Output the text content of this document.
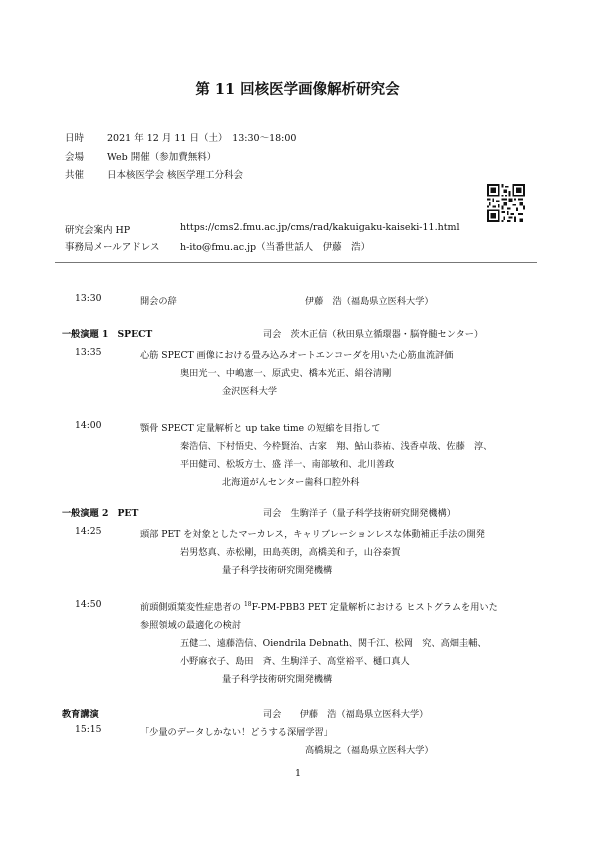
第 11 回核医学画像解析研究会
日時 2021 年 12 月 11 日（土）　13:30〜18:00
会場 Web 開催（参加費無料）
共催 日本核医学会 核医学理工分科会
研究会案内 HP	https://cms2.fmu.ac.jp/cms/rad/kakuigaku-kaiseki-11.html
事務局メールアドレス h-ito@fmu.ac.jp（当番世話人　伊藤　浩）
13:30	開会の辞	伊藤　浩（福島県立医科大学）
一般演題 1　SPECT	司会　茨木正信（秋田県立循環器・脳脊髄センター）
13:35	心筋 SPECT 画像における畳み込みオートエンコーダを用いた心筋血流評価
奥田光一、中嶋憲一、原武史、橋本光正、絹谷清剛
金沢医科大学
14:00	顎骨 SPECT 定量解析と up take time の短縮を目指して
秦浩信、下村悟史、今枠賢治、古家　翔、鮎山恭祐、浅香卓哉、佐藤　淳、
平田健司、松坂方士、盛 洋一、南部敏和、北川善政
北海道がんセンター歯科口腔外科
一般演題 2　PET	司会　生駒洋子（量子科学技術研究開発機構）
14:25	頭部 PET を対象としたマーカレス，キャリブレーションレスな体動補正手法の開発
岩男悠真、赤松剛，田島英朗，高橋美和子，山谷泰賀
量子科学技術研究開発機構
14:50	前頭側頭葉変性症患者の $^{18}$F-PM-PBB3 PET 定量解析における ヒストグラムを用いた
参照領域の最適化の検討
五健二、遠藤浩信、Oiendrila Debnath、関千江、松岡　究、高畑圭輔、
小野麻衣子、島田　斉、生駒洋子、高堂裕平、樋口真人
量子科学技術研究開発機構
教育講演	司会　　伊藤　浩（福島県立医科大学）
15:15	「少量のデータしかない！どうする深層学習」
高橋規之（福島県立医科大学）
1
